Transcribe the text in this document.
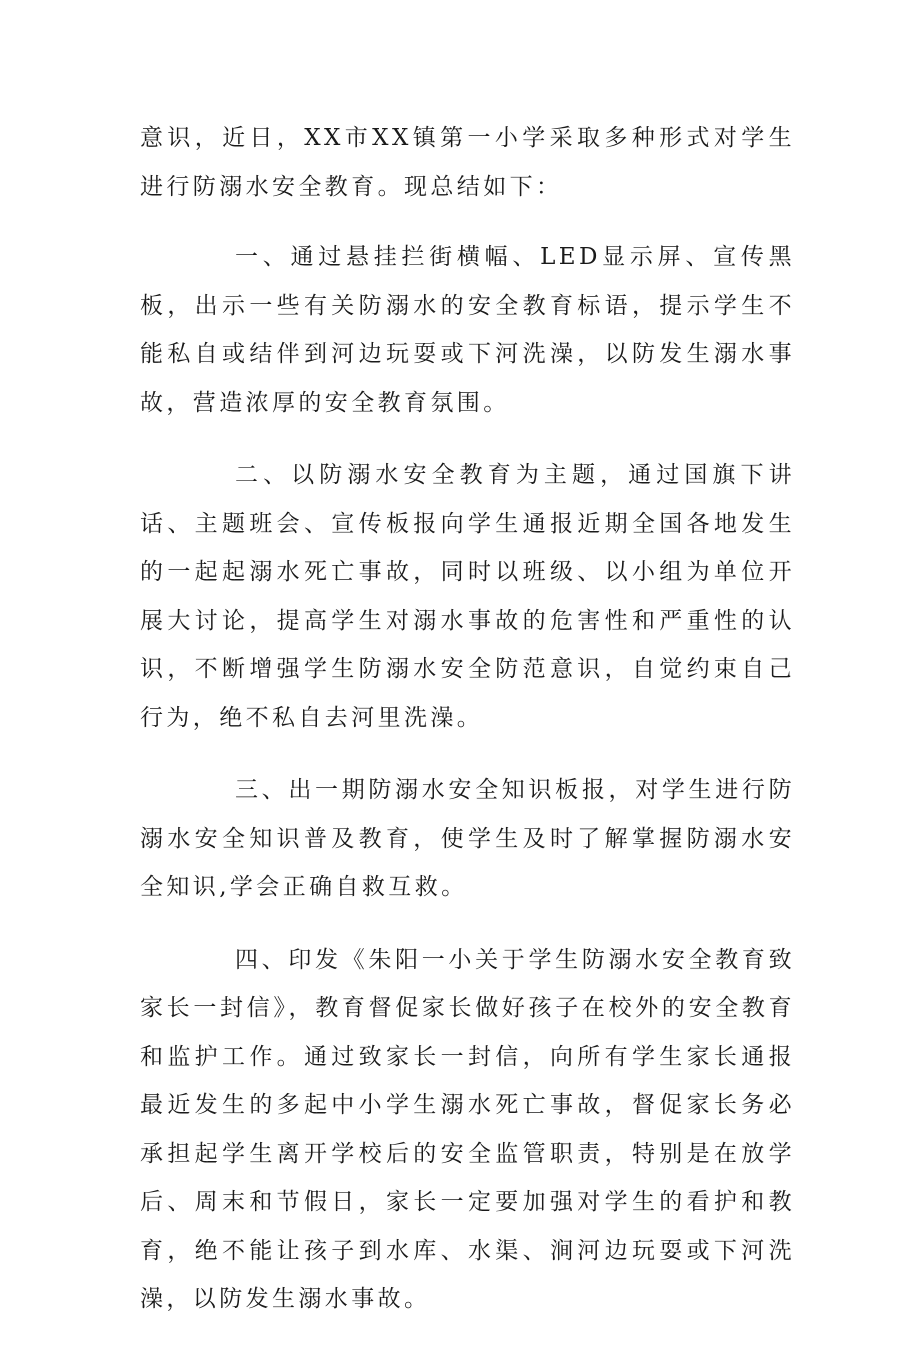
意识，近日，XX市XX镇第一小学采取多种形式对学生进行防溺水安全教育。现总结如下：

一、通过悬挂拦街横幅、LED显示屏、宣传黑板，出示一些有关防溺水的安全教育标语，提示学生不能私自或结伴到河边玩耍或下河洗澡，以防发生溺水事故，营造浓厚的安全教育氛围。

二、以防溺水安全教育为主题，通过国旗下讲话、主题班会、宣传板报向学生通报近期全国各地发生的一起起溺水死亡事故，同时以班级、以小组为单位开展大讨论，提高学生对溺水事故的危害性和严重性的认识，不断增强学生防溺水安全防范意识，自觉约束自己行为，绝不私自去河里洗澡。

三、出一期防溺水安全知识板报，对学生进行防溺水安全知识普及教育，使学生及时了解掌握防溺水安全知识,学会正确自救互救。

四、印发《朱阳一小关于学生防溺水安全教育致家长一封信》，教育督促家长做好孩子在校外的安全教育和监护工作。通过致家长一封信，向所有学生家长通报最近发生的多起中小学生溺水死亡事故，督促家长务必承担起学生离开学校后的安全监管职责，特别是在放学后、周末和节假日，家长一定要加强对学生的看护和教育，绝不能让孩子到水库、水渠、涧河边玩耍或下河洗澡，以防发生溺水事故。
